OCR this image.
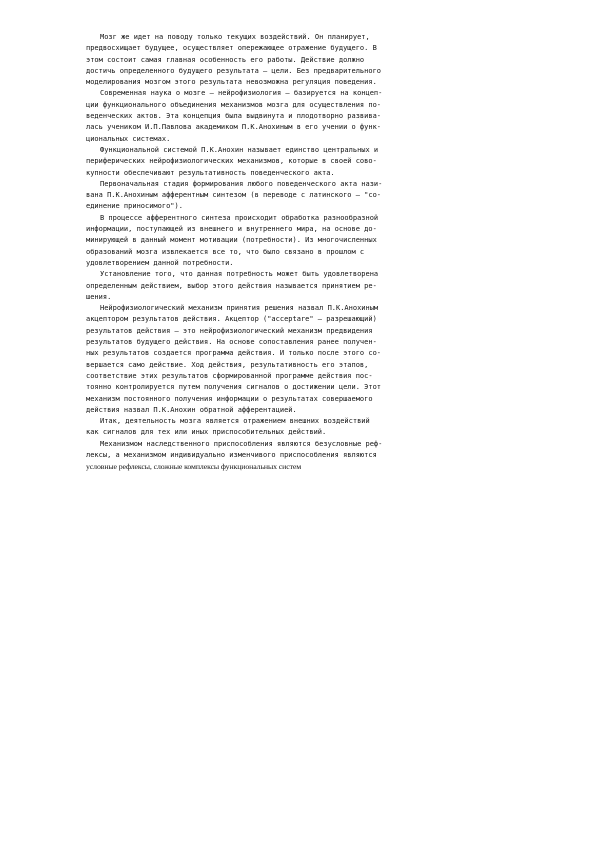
Мозг же идет на поводу только текущих воздействий. Он планирует,
предвосхищает будущее, осуществляет опережающее отражение будущего. В
этом состоит самая главная особенность его работы. Действие должно
достичь определенного будущего результата – цели. Без предварительного
моделирования мозгом этого результата невозможна регуляция поведения.
Современная наука о мозге – нейрофизиология – базируется на концеп-
ции функционального объединения механизмов мозга для осуществления по-
веденческих актов. Эта концепция была выдвинута и плодотворно развива-
лась учеником И.П.Павлова академиком П.К.Анохиным в его учении о функ-
циональных системах.
Функциональной системой П.К.Анохин называет единство центральных и
периферических нейрофизиологических механизмов, которые в своей сово-
купности обеспечивают результативность поведенческого акта.
Первоначальная стадия формирования любого поведенческого акта нази-
вана П.К.Анохиным афферентным синтезом (в переводе с латинского – "со-
единение приносимого").
В процессе афферентного синтеза происходит обработка разнообразной
информации, поступающей из внешнего и внутреннего мира, на основе до-
минирующей в данный момент мотивации (потребности). Из многочисленных
образований мозга извлекается все то, что было связано в прошлом с
удовлетворением данной потребности.
Установление того, что данная потребность может быть удовлетворена
определенным действием, выбор этого действия называется принятием ре-
шения.
Нейрофизиологический механизм принятия решения назвал П.К.Анохиным
акцептором результатов действия. Акцептор ("acceptare" – разрешающий)
результатов действия – это нейрофизиологический механизм предвидения
результатов будущего действия. На основе сопоставления ранее получен-
ных результатов создается программа действия. И только после этого со-
вершается само действие. Ход действия, результативность его этапов,
соответствие этих результатов сформированной программе действия пос-
тоянно контролируется путем получения сигналов о достижении цели. Этот
механизм постоянного получения информации о результатах совершаемого
действия назвал П.К.Анохин обратной афферентацией.
Итак, деятельность мозга является отражением внешних воздействий
как сигналов для тех или иных приспособительных действий.
Механизмом наследственного приспособления являются безусловные реф-
лексы, а механизмом индивидуально изменчивого приспособления являются
условные рефлексы, сложные комплексы функциональных систем
